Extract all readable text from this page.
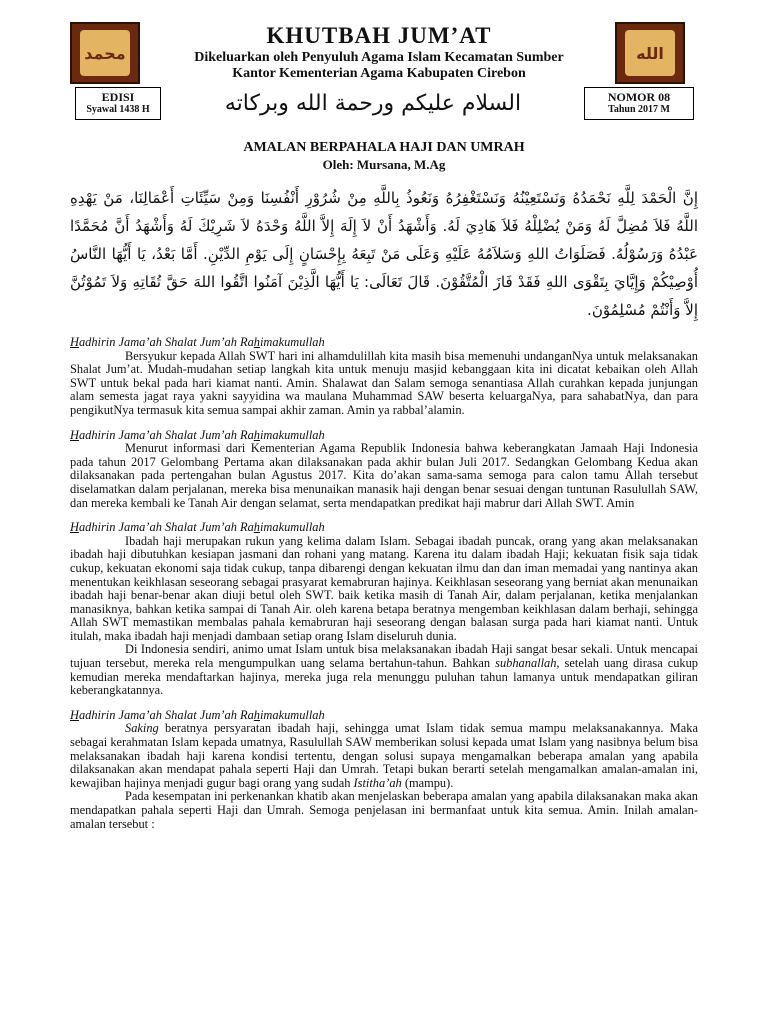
محمد
KHUTBAH JUM’AT
Dikeluarkan oleh Penyuluh Agama Islam Kecamatan Sumber
Kantor Kementerian Agama Kabupaten Cirebon
الله
EDISI
Syawal 1438 H	السلام عليكم ورحمة الله وبركاته	NOMOR 08
Tahun 2017 M
AMALAN BERPAHALA HAJI DAN UMRAH
Oleh: Mursana, M.Ag
إِنَّ الْحَمْدَ لِلَّهِ نَحْمَدُهُ وَنَسْتَعِيْنُهُ وَنَسْتَغْفِرُهُ وَنَعُوذُ بِاللَّهِ مِنْ شُرُوْرِ أَنْفُسِنَا وَمِنْ سَيِّئَاتِ أَعْمَالِنَا، مَنْ يَهْدِهِ اللَّهُ فَلاَ مُضِلَّ لَهُ وَمَنْ يُضْلِلْهُ فَلاَ هَادِيَ لَهُ. وَأَشْهَدُ أَنْ لاَ إِلَهَ إِلاَّ اللَّهُ وَحْدَهُ لاَ شَرِيْكَ لَهُ وَأَشْهَدُ أَنَّ مُحَمَّدًا عَبْدُهُ وَرَسُوْلُهُ. فَصَلَوَاتُ اللهِ وَسَلاَمُهُ عَلَيْهِ وَعَلَى مَنْ تَبِعَهُ بِإِحْسَانٍ إِلَى يَوْمِ الدِّيْنِ. أَمَّا بَعْدُ، يَا أَيُّهَا النَّاسُ أُوْصِيْكُمْ وَإِيَّايَ بِتَقْوَى اللهِ فَقَدْ فَازَ الْمُتَّقُوْنَ. قَالَ تَعَالَى: يَا أَيُّهَا الَّذِيْنَ آمَنُوا اتَّقُوا اللهَ حَقَّ تُقَاتِهِ وَلاَ تَمُوْتُنَّ إِلاَّ وَأَنْتُمْ مُسْلِمُوْنَ.
Hadhirin Jama’ah Shalat Jum’ah Rahimakumullah

Bersyukur kepada Allah SWT hari ini alhamdulillah kita masih bisa memenuhi undanganNya untuk melaksanakan Shalat Jum’at. Mudah-mudahan setiap langkah kita untuk menuju masjid kebanggaan kita ini dicatat kebaikan oleh Allah SWT untuk bekal pada hari kiamat nanti. Amin. Shalawat dan Salam semoga senantiasa Allah curahkan kepada junjungan alam semesta jagat raya yakni sayyidina wa maulana Muhammad SAW beserta keluargaNya, para sahabatNya, dan para pengikutNya termasuk kita semua sampai akhir zaman. Amin ya rabbal’alamin.

Hadhirin Jama’ah Shalat Jum’ah Rahimakumullah

Menurut informasi dari Kementerian Agama Republik Indonesia bahwa keberangkatan Jamaah Haji Indonesia pada tahun 2017 Gelombang Pertama akan dilaksanakan pada akhir bulan Juli 2017. Sedangkan Gelombang Kedua akan dilaksanakan pada pertengahan bulan Agustus 2017. Kita do’akan sama-sama semoga para calon tamu Allah tersebut diselamatkan dalam perjalanan, mereka bisa menunaikan manasik haji dengan benar sesuai dengan tuntunan Rasulullah SAW, dan mereka kembali ke Tanah Air dengan selamat, serta mendapatkan predikat haji mabrur dari Allah SWT. Amin

Hadhirin Jama’ah Shalat Jum’ah Rahimakumullah

Ibadah haji merupakan rukun yang kelima dalam Islam. Sebagai ibadah puncak, orang yang akan melaksanakan ibadah haji dibutuhkan kesiapan jasmani dan rohani yang matang. Karena itu dalam ibadah Haji; kekuatan fisik saja tidak cukup, kekuatan ekonomi saja tidak cukup, tanpa dibarengi dengan kekuatan ilmu dan dan iman memadai yang nantinya akan menentukan keikhlasan seseorang sebagai prasyarat kemabruran hajinya. Keikhlasan seseorang yang berniat akan menunaikan ibadah haji benar-benar akan diuji betul oleh SWT. baik ketika masih di Tanah Air, dalam perjalanan, ketika menjalankan manasiknya, bahkan ketika sampai di Tanah Air. oleh karena betapa beratnya mengemban keikhlasan dalam berhaji, sehingga Allah SWT memastikan membalas pahala kemabruran haji seseorang dengan balasan surga pada hari kiamat nanti. Untuk itulah, maka ibadah haji menjadi dambaan setiap orang Islam diseluruh dunia.

Di Indonesia sendiri, animo umat Islam untuk bisa melaksanakan ibadah Haji sangat besar sekali. Untuk mencapai tujuan tersebut, mereka rela mengumpulkan uang selama bertahun-tahun. Bahkan subhanallah, setelah uang dirasa cukup kemudian mereka mendaftarkan hajinya, mereka juga rela menunggu puluhan tahun lamanya untuk mendapatkan giliran keberangkatannya.

Hadhirin Jama’ah Shalat Jum’ah Rahimakumullah

Saking beratnya persyaratan ibadah haji, sehingga umat Islam tidak semua mampu melaksanakannya. Maka sebagai kerahmatan Islam kepada umatnya, Rasulullah SAW memberikan solusi kepada umat Islam yang nasibnya belum bisa melaksanakan ibadah haji karena kondisi tertentu, dengan solusi supaya mengamalkan beberapa amalan yang apabila dilaksanakan akan mendapat pahala seperti Haji dan Umrah. Tetapi bukan berarti setelah mengamalkan amalan-amalan ini, kewajiban hajinya menjadi gugur bagi orang yang sudah Istitha’ah (mampu).

Pada kesempatan ini perkenankan khatib akan menjelaskan beberapa amalan yang apabila dilaksanakan maka akan mendapatkan pahala seperti Haji dan Umrah. Semoga penjelasan ini bermanfaat untuk kita semua. Amin. Inilah amalan-amalan tersebut :
